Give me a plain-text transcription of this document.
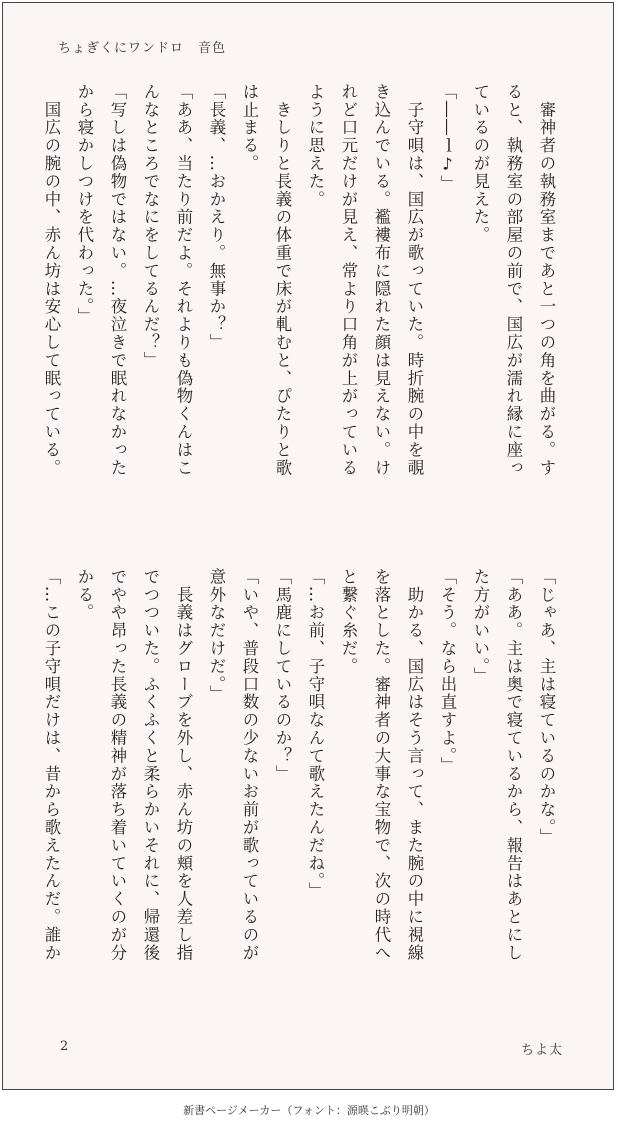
ちょぎくにワンドロ　音色
　審神者の執務室まであと一つの角を曲がる。す
ると、執務室の部屋の前で、国広が濡れ縁に座っ
ているのが見えた。
「――ｌ♪」
　子守唄は、国広が歌っていた。時折腕の中を覗
き込んでいる。襤褸布に隠れた顔は見えない。け
れど口元だけが見え、常より口角が上がっている
ように思えた。
　きしりと長義の体重で床が軋むと、ぴたりと歌
は止まる。
「長義、…おかえり。無事か？」
「ああ、当たり前だよ。それよりも偽物くんはこ
んなところでなにをしてるんだ？」
「写しは偽物ではない。…夜泣きで眠れなかった
から寝かしつけを代わった。」
　国広の腕の中、赤ん坊は安心して眠っている。
「じゃあ、主は寝ているのかな。」
「ああ。主は奥で寝ているから、報告はあとにし
た方がいい。」
「そう。なら出直すよ。」
　助かる、国広はそう言って、また腕の中に視線
を落とした。審神者の大事な宝物で、次の時代へ
と繋ぐ糸だ。
「…お前、子守唄なんて歌えたんだね。」
「馬鹿にしているのか？」
「いや、普段口数の少ないお前が歌っているのが
意外なだけだ。」
　長義はグローブを外し、赤ん坊の頬を人差し指
でつついた。ふくふくと柔らかいそれに、帰還後
でやや昂った長義の精神が落ち着いていくのが分
かる。
「…この子守唄だけは、昔から歌えたんだ。誰か
2	ちよ太
新書ページメーカー（フォント：源暎こぶり明朝）
